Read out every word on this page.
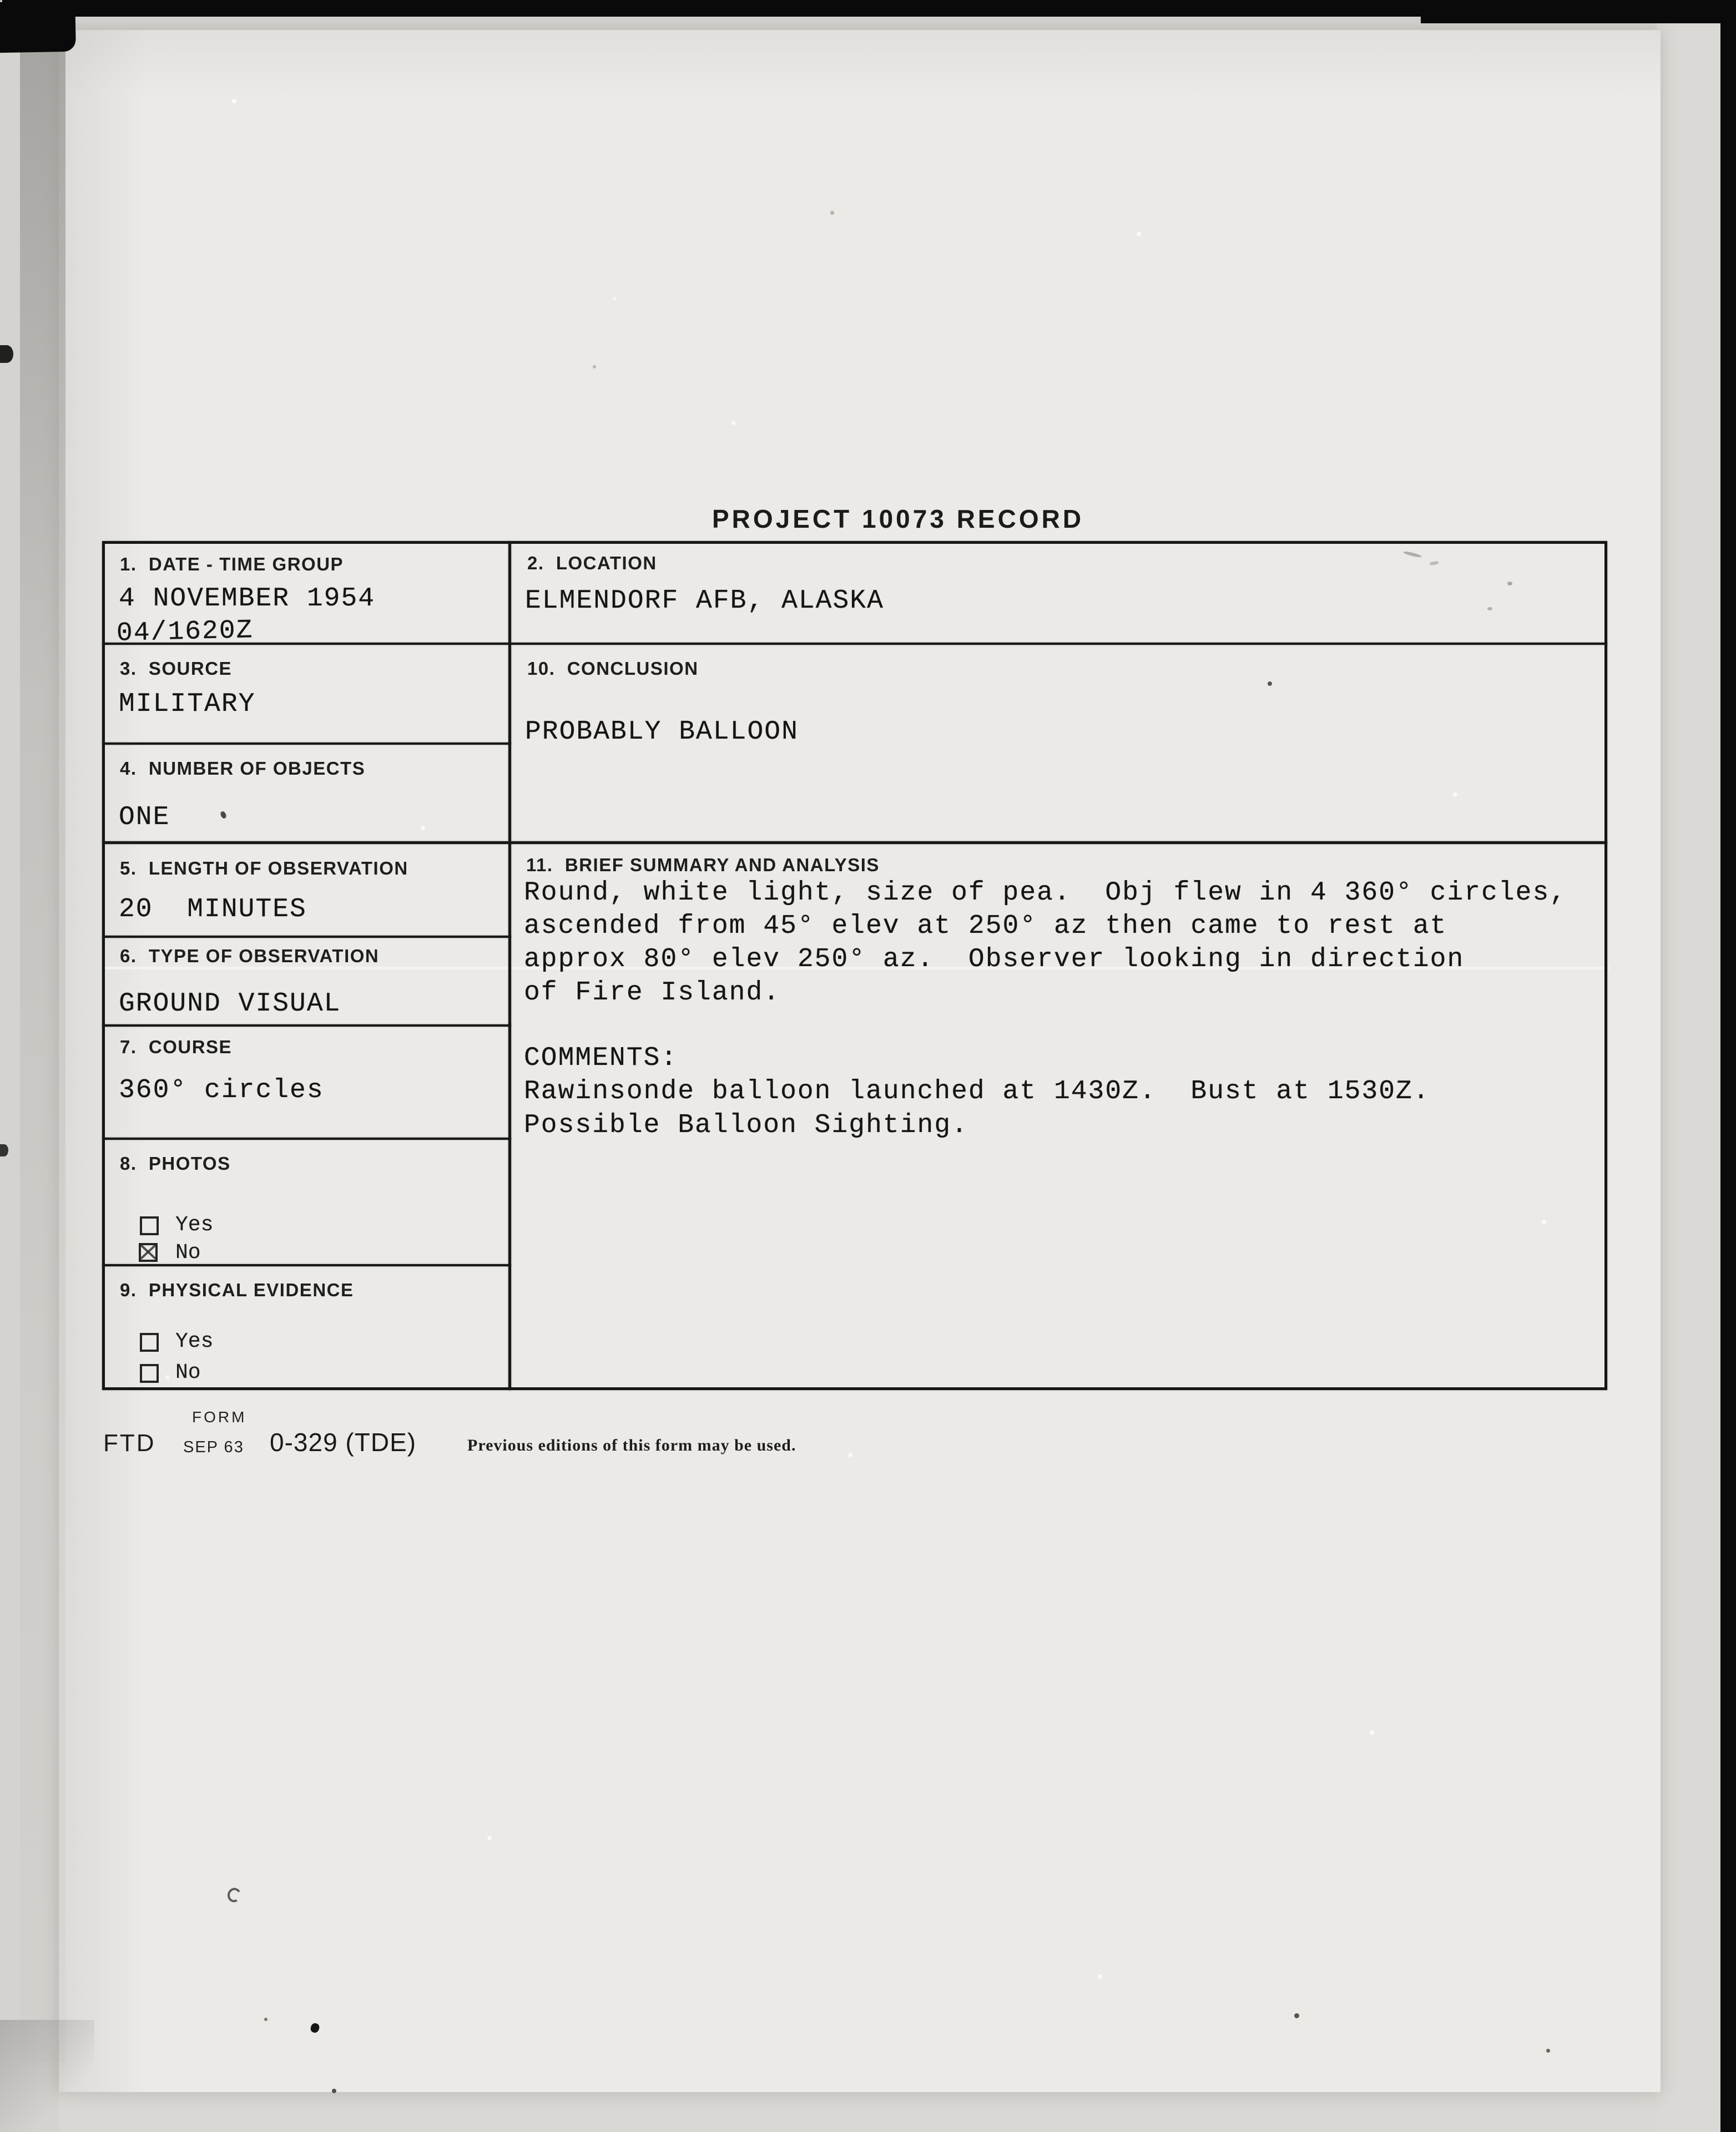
PROJECT 10073 RECORD
1.  DATE - TIME GROUP
4 NOVEMBER 1954
04/1620Z
2.  LOCATION
ELMENDORF AFB, ALASKA
3.  SOURCE
MILITARY
10.  CONCLUSION
PROBABLY BALLOON
4.  NUMBER OF OBJECTS
ONE
5.  LENGTH OF OBSERVATION
20  MINUTES
11.  BRIEF SUMMARY AND ANALYSIS
Round, white light, size of pea.  Obj flew in 4 360° circles,
ascended from 45° elev at 250° az then came to rest at
approx 80° elev 250° az.  Observer looking in direction
of Fire Island.
COMMENTS:
Rawinsonde balloon launched at 1430Z.  Bust at 1530Z.
Possible Balloon Sighting.
6.  TYPE OF OBSERVATION
GROUND VISUAL
7.  COURSE
360° circles
8.  PHOTOS
Yes
No
9.  PHYSICAL EVIDENCE
Yes
No
FORM
FTD SEP 63 0-329 (TDE)	Previous editions of this form may be used.
